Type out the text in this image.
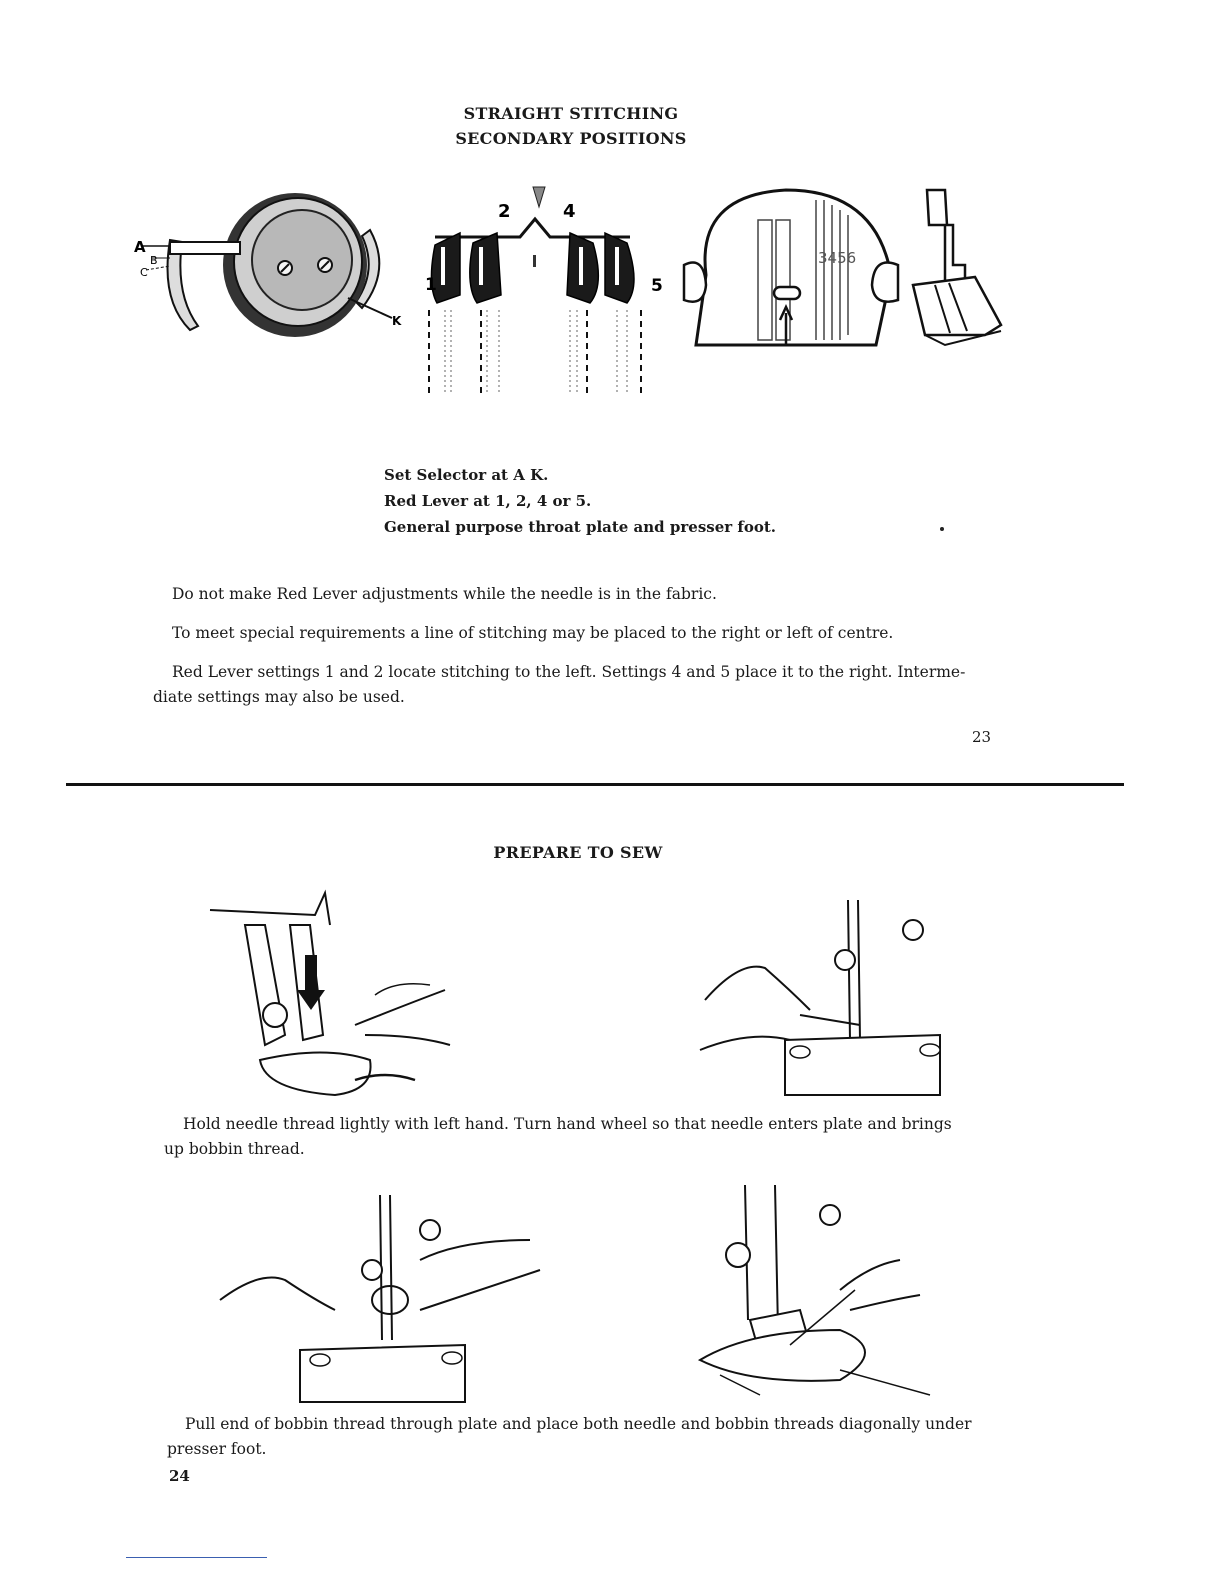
STRAIGHT STITCHING
SECONDARY POSITIONS
A
B
C
K
1
2	4
5
3456
Set Selector at A K.
Red Lever at 1, 2, 4 or 5.
General purpose throat plate and presser foot.
Do not make Red Lever adjustments while the needle is in the fabric.
To meet special requirements a line of stitching may be placed to the right or left of centre.
Red Lever settings 1 and 2 locate stitching to the left. Settings 4 and 5 place it to the right. Interme-
diate settings may also be used.
23
PREPARE TO SEW
Hold needle thread lightly with left hand. Turn hand wheel so that needle enters plate and brings
up bobbin thread.
Pull end of bobbin thread through plate and place both needle and bobbin threads diagonally under
presser foot.
24
